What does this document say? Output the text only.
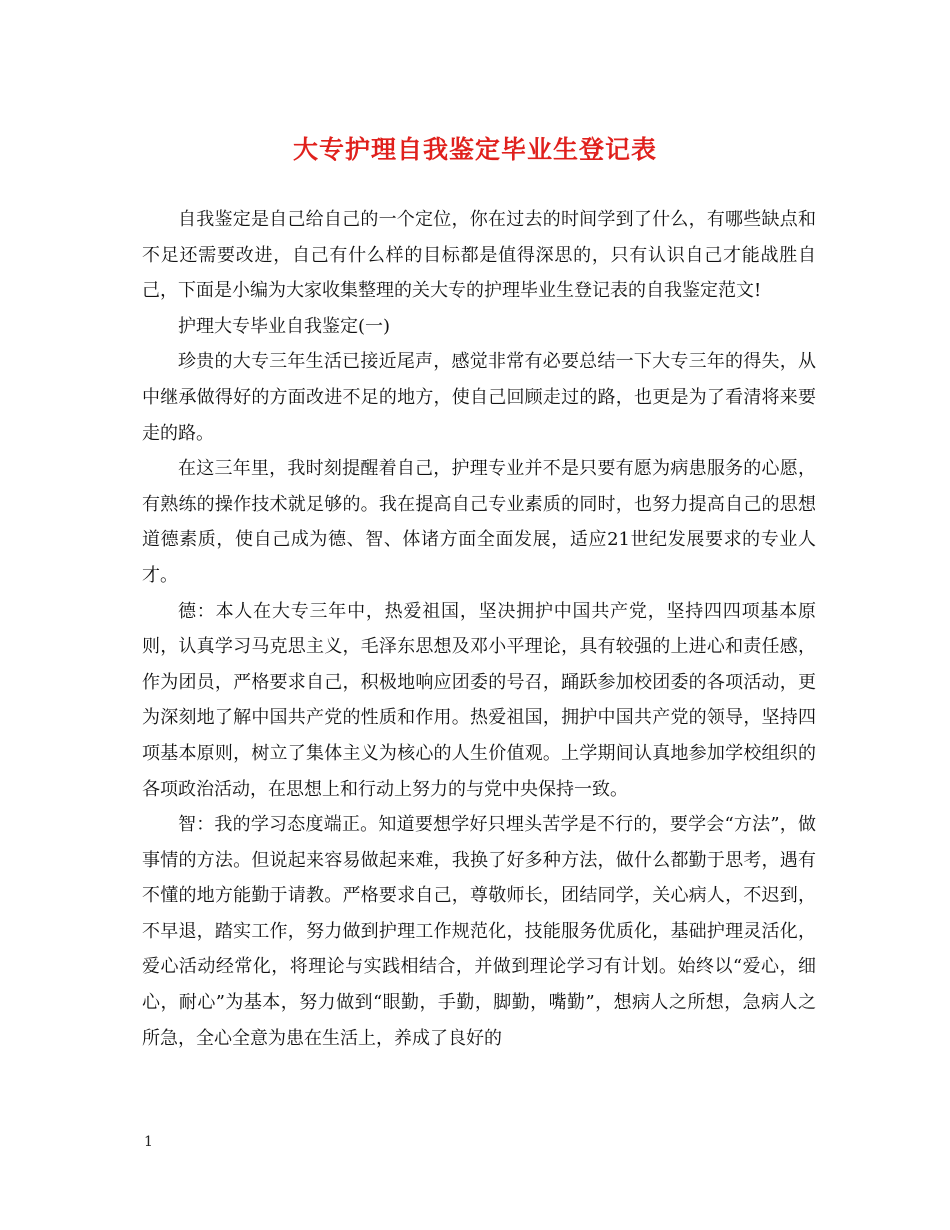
大专护理自我鉴定毕业生登记表

自我鉴定是自己给自己的一个定位，你在过去的时间学到了什么，有哪些缺点和不足还需要改进，自己有什么样的目标都是值得深思的，只有认识自己才能战胜自己，下面是小编为大家收集整理的关大专的护理毕业生登记表的自我鉴定范文!

护理大专毕业自我鉴定(一)

珍贵的大专三年生活已接近尾声，感觉非常有必要总结一下大专三年的得失，从中继承做得好的方面改进不足的地方，使自己回顾走过的路，也更是为了看清将来要走的路。

在这三年里，我时刻提醒着自己，护理专业并不是只要有愿为病患服务的心愿，有熟练的操作技术就足够的。我在提高自己专业素质的同时，也努力提高自己的思想道德素质，使自己成为德、智、体诸方面全面发展，适应21世纪发展要求的专业人才。

德：本人在大专三年中，热爱祖国，坚决拥护中国共产党，坚持四四项基本原则，认真学习马克思主义，毛泽东思想及邓小平理论，具有较强的上进心和责任感，作为团员，严格要求自己，积极地响应团委的号召，踊跃参加校团委的各项活动，更为深刻地了解中国共产党的性质和作用。热爱祖国，拥护中国共产党的领导，坚持四项基本原则，树立了集体主义为核心的人生价值观。上学期间认真地参加学校组织的各项政治活动，在思想上和行动上努力的与党中央保持一致。

智：我的学习态度端正。知道要想学好只埋头苦学是不行的，要学会“方法”，做事情的方法。但说起来容易做起来难，我换了好多种方法，做什么都勤于思考，遇有不懂的地方能勤于请教。严格要求自己，尊敬师长，团结同学，关心病人，不迟到，不早退，踏实工作，努力做到护理工作规范化，技能服务优质化，基础护理灵活化，爱心活动经常化，将理论与实践相结合，并做到理论学习有计划。始终以“爱心，细心，耐心”为基本，努力做到“眼勤，手勤，脚勤，嘴勤”，想病人之所想，急病人之所急，全心全意为患在生活上，养成了良好的

1
